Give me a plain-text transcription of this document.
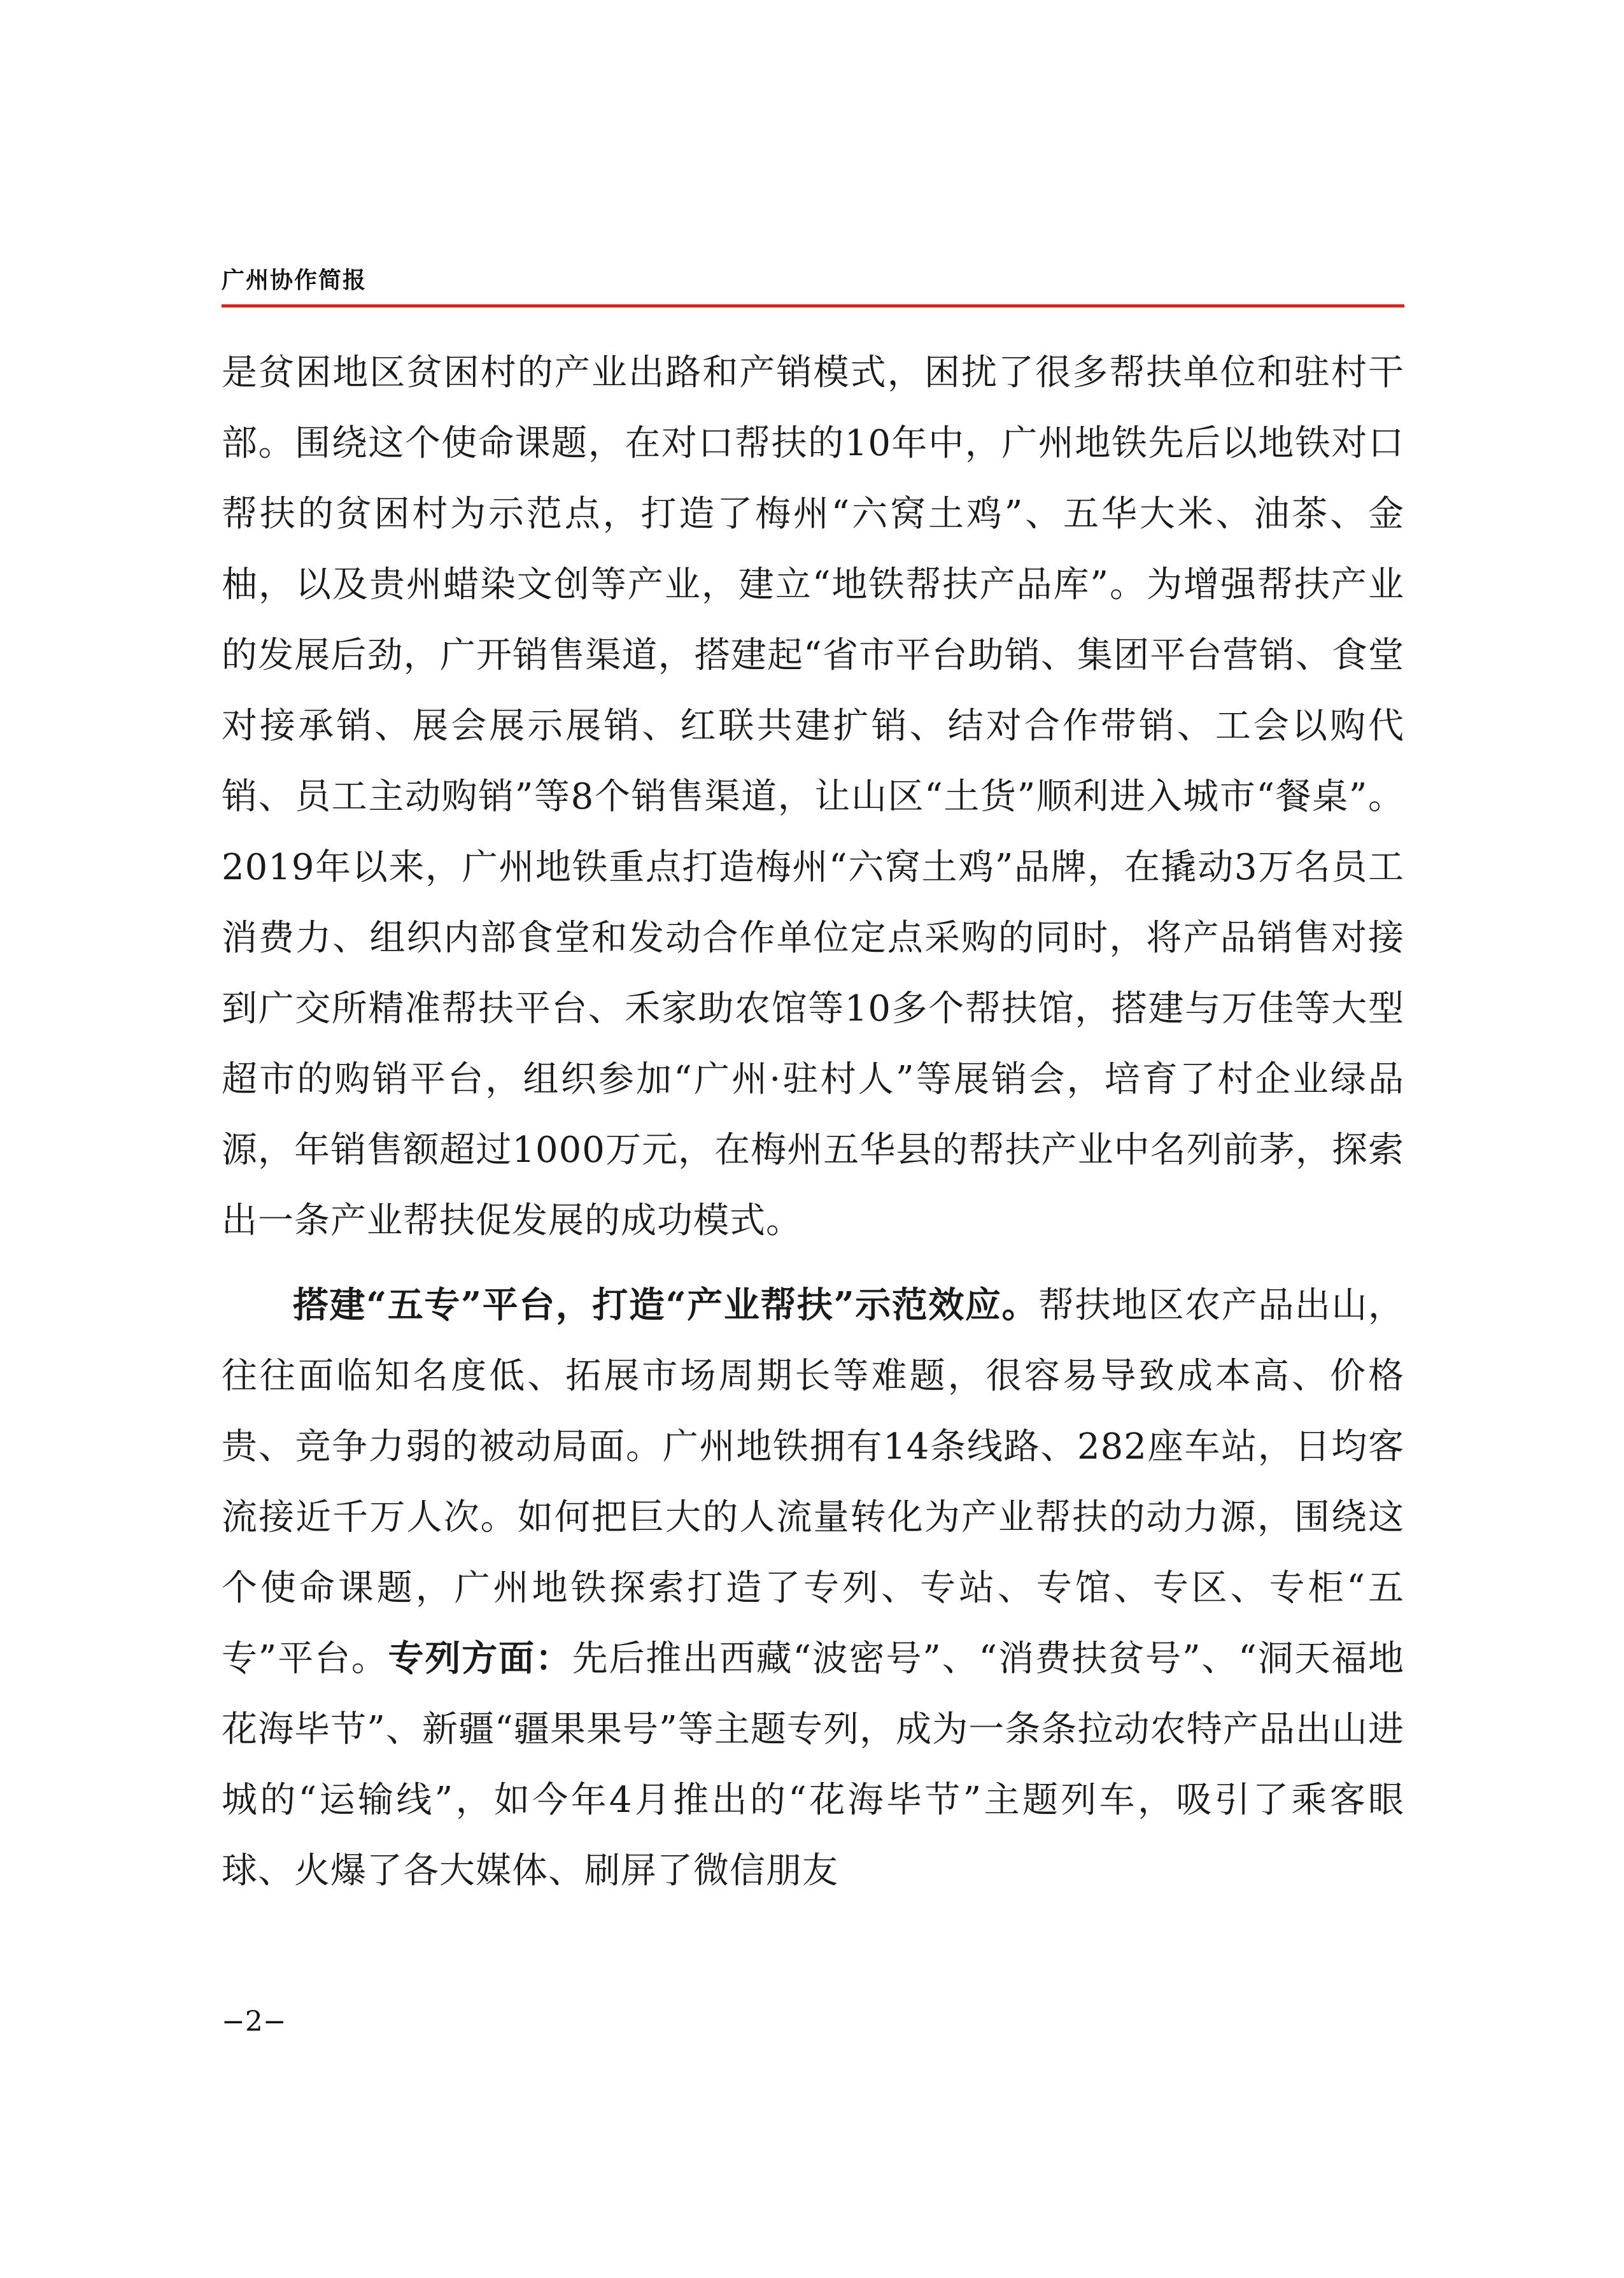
广州协作简报

是贫困地区贫困村的产业出路和产销模式，困扰了很多帮扶单位和驻村干部。围绕这个使命课题，在对口帮扶的10年中，广州地铁先后以地铁对口帮扶的贫困村为示范点，打造了梅州“六窝土鸡”、五华大米、油茶、金柚，以及贵州蜡染文创等产业，建立“地铁帮扶产品库”。为增强帮扶产业的发展后劲，广开销售渠道，搭建起“省市平台助销、集团平台营销、食堂对接承销、展会展示展销、红联共建扩销、结对合作带销、工会以购代销、员工主动购销”等8个销售渠道，让山区“土货”顺利进入城市“餐桌”。2019年以来，广州地铁重点打造梅州“六窝土鸡”品牌，在撬动3万名员工消费力、组织内部食堂和发动合作单位定点采购的同时，将产品销售对接到广交所精准帮扶平台、禾家助农馆等10多个帮扶馆，搭建与万佳等大型超市的购销平台，组织参加“广州·驻村人”等展销会，培育了村企业绿品源，年销售额超过1000万元，在梅州五华县的帮扶产业中名列前茅，探索出一条产业帮扶促发展的成功模式。

搭建“五专”平台，打造“产业帮扶”示范效应。帮扶地区农产品出山，往往面临知名度低、拓展市场周期长等难题，很容易导致成本高、价格贵、竞争力弱的被动局面。广州地铁拥有14条线路、282座车站，日均客流接近千万人次。如何把巨大的人流量转化为产业帮扶的动力源，围绕这个使命课题，广州地铁探索打造了专列、专站、专馆、专区、专柜“五专”平台。专列方面：先后推出西藏“波密号”、“消费扶贫号”、“洞天福地 花海毕节”、新疆“疆果果号”等主题专列，成为一条条拉动农特产品出山进城的“运输线”，如今年4月推出的“花海毕节”主题列车，吸引了乘客眼球、火爆了各大媒体、刷屏了微信朋友

−2−
